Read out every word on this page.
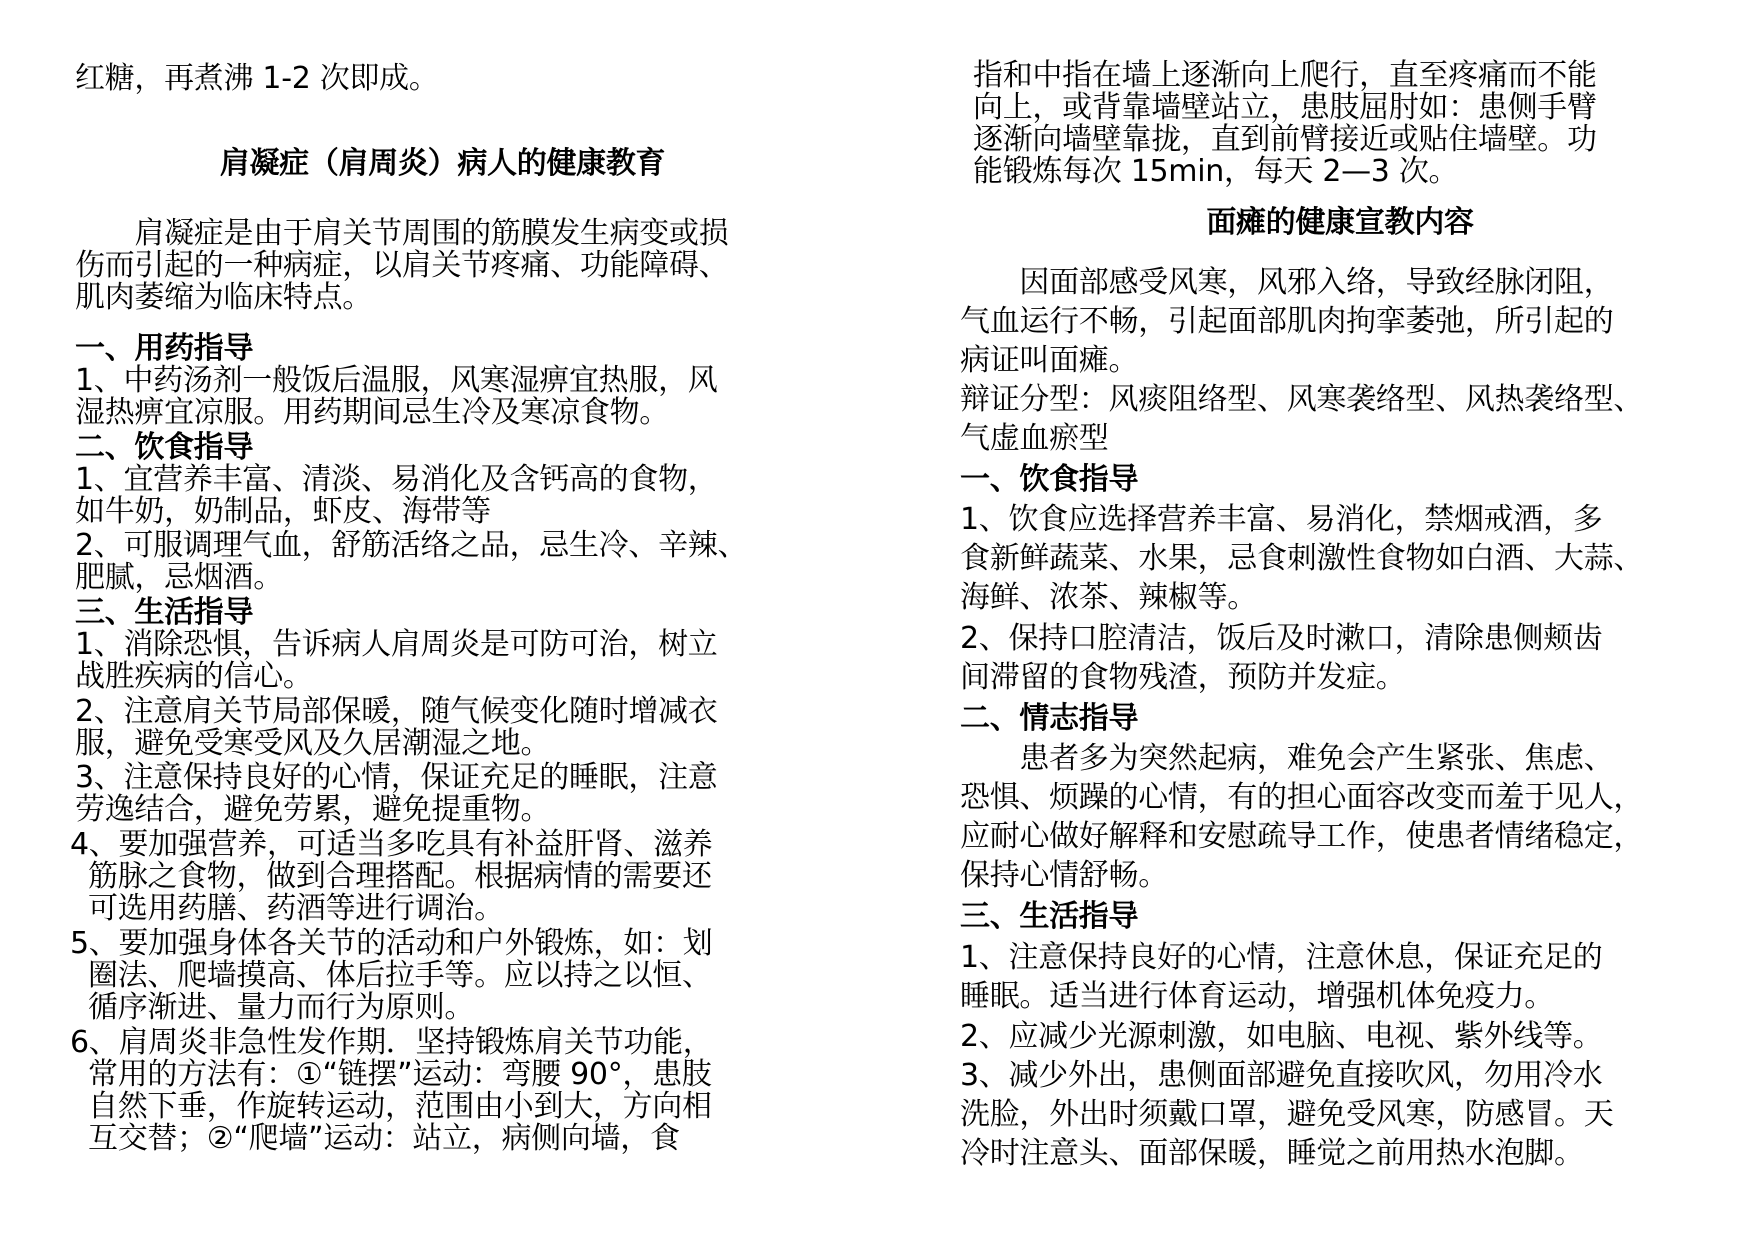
红糖，再煮沸 1-2 次即成。
肩凝症（肩周炎）病人的健康教育
　　肩凝症是由于肩关节周围的筋膜发生病变或损
伤而引起的一种病症，以肩关节疼痛、功能障碍、
肌肉萎缩为临床特点。
一、用药指导
1、中药汤剂一般饭后温服，风寒湿痹宜热服，风
湿热痹宜凉服。用药期间忌生冷及寒凉食物。
二、饮食指导
1、宜营养丰富、清淡、易消化及含钙高的食物，
如牛奶，奶制品，虾皮、海带等
2、可服调理气血，舒筋活络之品，忌生冷、辛辣、
肥腻，忌烟酒。
三、生活指导
1、消除恐惧，告诉病人肩周炎是可防可治，树立
战胜疾病的信心。
2、注意肩关节局部保暖，随气候变化随时增减衣
服，避免受寒受风及久居潮湿之地。
3、注意保持良好的心情，保证充足的睡眠，注意
劳逸结合，避免劳累，避免提重物。
4、要加强营养，可适当多吃具有补益肝肾、滋养
筋脉之食物，做到合理搭配。根据病情的需要还
可选用药膳、药酒等进行调治。
5、要加强身体各关节的活动和户外锻炼，如：划
圈法、爬墙摸高、体后拉手等。应以持之以恒、
循序渐进、量力而行为原则。
6、肩周炎非急性发作期．坚持锻炼肩关节功能，
常用的方法有：①“链摆”运动：弯腰 90°，患肢
自然下垂，作旋转运动，范围由小到大，方向相
互交替；②“爬墙”运动：站立，病侧向墙，食
指和中指在墙上逐渐向上爬行，直至疼痛而不能
向上，或背靠墙壁站立，患肢屈肘如：患侧手臂
逐渐向墙壁靠拢，直到前臂接近或贴住墙壁。功
能锻炼每次 15min，每天 2—3 次。
面瘫的健康宣教内容
　　因面部感受风寒，风邪入络，导致经脉闭阻，
气血运行不畅，引起面部肌肉拘挛萎弛，所引起的
病证叫面瘫。
辩证分型：风痰阻络型、风寒袭络型、风热袭络型、
气虚血瘀型
一、饮食指导
1、饮食应选择营养丰富、易消化，禁烟戒酒，多
食新鲜蔬菜、水果，忌食刺激性食物如白酒、大蒜、
海鲜、浓茶、辣椒等。
2、保持口腔清洁，饭后及时漱口，清除患侧颊齿
间滞留的食物残渣，预防并发症。
二、情志指导
　　患者多为突然起病，难免会产生紧张、焦虑、
恐惧、烦躁的心情，有的担心面容改变而羞于见人，
应耐心做好解释和安慰疏导工作，使患者情绪稳定，
保持心情舒畅。
三、生活指导
1、注意保持良好的心情，注意休息，保证充足的
睡眠。适当进行体育运动，增强机体免疫力。
2、应减少光源刺激，如电脑、电视、紫外线等。
3、减少外出，患侧面部避免直接吹风，勿用冷水
洗脸，外出时须戴口罩，避免受风寒，防感冒。天
冷时注意头、面部保暖，睡觉之前用热水泡脚。
